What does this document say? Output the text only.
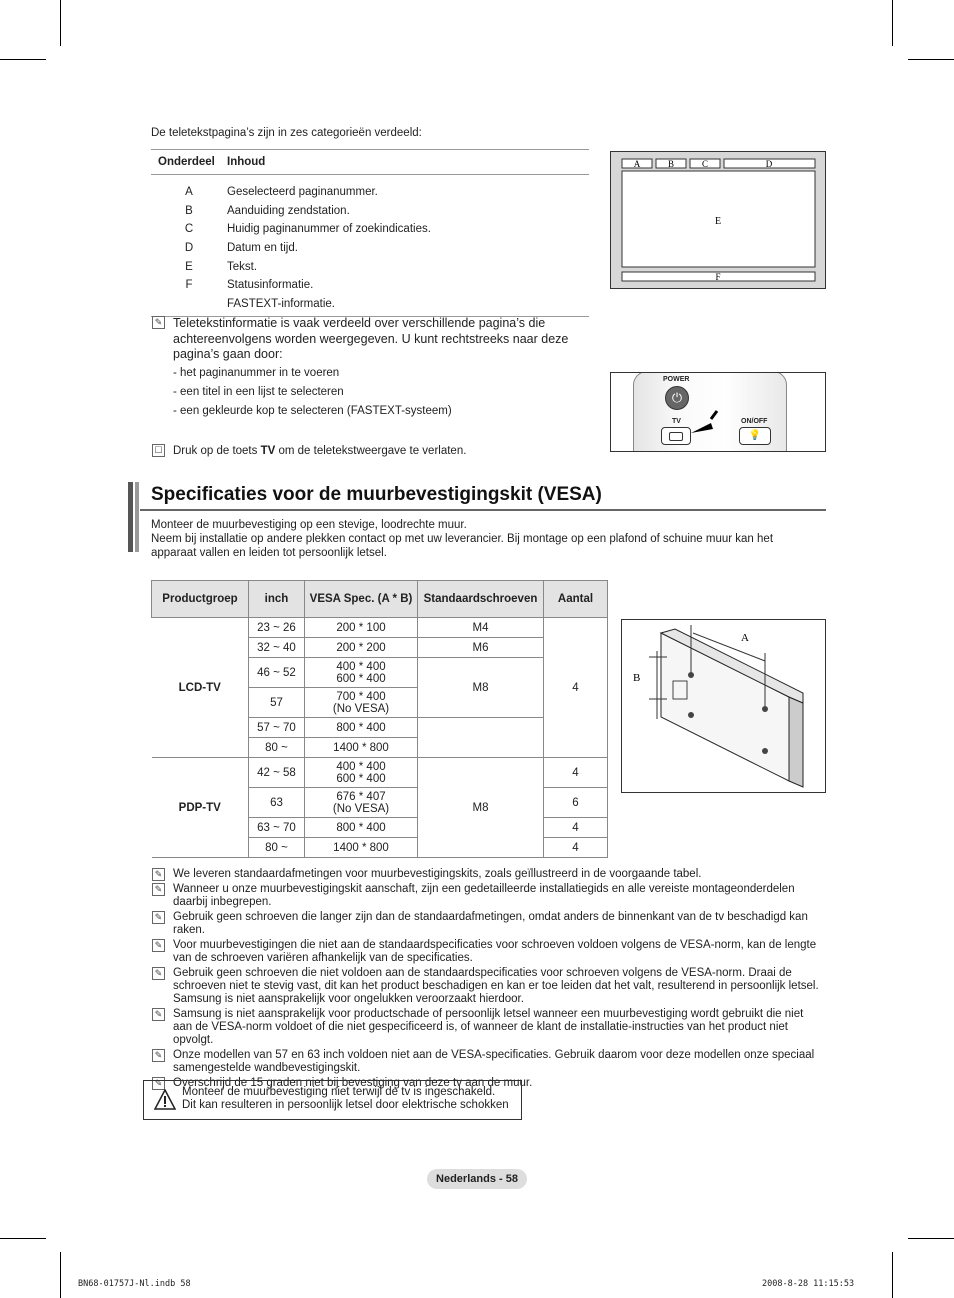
De teletekstpagina’s zijn in zes categorieën verdeeld:
Onderdeel	Inhoud
A	Geselecteerd paginanummer.
B	Aanduiding zendstation.
C	Huidig paginanummer of zoekindicaties.
D	Datum en tijd.
E	Tekst.
F	Statusinformatie.
FASTEXT-informatie.
A	B	C	D
E
F
✎ Teletekstinformatie is vaak verdeeld over verschillende pagina’s die achtereenvolgens worden weergegeven. U kunt rechtstreeks naar deze pagina’s gaan door:
- het paginanummer in te voeren
- een titel in een lijst te selecteren
- een gekleurde kop te selecteren (FASTEXT-systeem)
POWER
⏻
TV	ON/OFF
💡
☐ Druk op de toets TV om de teletekstweergave te verlaten.
Specificaties voor de muurbevestigingskit (VESA)
Monteer de muurbevestiging op een stevige, loodrechte muur.
Neem bij installatie op andere plekken contact op met uw leverancier. Bij montage op een plafond of schuine muur kan het apparaat vallen en leiden tot persoonlijk letsel.
Productgroep	inch	VESA Spec. (A * B)	Standaardschroeven	Aantal
LCD-TV	23 ~ 26	200 * 100	M4	4
	32 ~ 40	200 * 200	M6	
	46 ~ 52	400 * 400
600 * 400	M8	
	57	700 * 400
(No VESA)		
	57 ~ 70	800 * 400		
	80 ~	1400 * 800		
PDP-TV	42 ~ 58	400 * 400
600 * 400	M8	4
	63	676 * 407
(No VESA)		6
	63 ~ 70	800 * 400		4
	80 ~	1400 * 800		4
A
B
✎ We leveren standaardafmetingen voor muurbevestigingskits, zoals geïllustreerd in de voorgaande tabel.
✎ Wanneer u onze muurbevestigingskit aanschaft, zijn een gedetailleerde installatiegids en alle vereiste montageonderdelen daarbij inbegrepen.
✎ Gebruik geen schroeven die langer zijn dan de standaardafmetingen, omdat anders de binnenkant van de tv beschadigd kan raken.
✎ Voor muurbevestigingen die niet aan de standaardspecificaties voor schroeven voldoen volgens de VESA-norm, kan de lengte van de schroeven variëren afhankelijk van de specificaties.
✎ Gebruik geen schroeven die niet voldoen aan de standaardspecificaties voor schroeven volgens de VESA-norm. Draai de schroeven niet te stevig vast, dit kan het product beschadigen en kan er toe leiden dat het valt, resulterend in persoonlijk letsel. Samsung is niet aansprakelijk voor ongelukken veroorzaakt hierdoor.
✎ Samsung is niet aansprakelijk voor productschade of persoonlijk letsel wanneer een muurbevestiging wordt gebruikt die niet aan de VESA-norm voldoet of die niet gespecificeerd is, of wanneer de klant de installatie-instructies van het product niet opvolgt.
✎ Onze modellen van 57 en 63 inch voldoen niet aan de VESA-specificaties. Gebruik daarom voor deze modellen onze speciaal samengestelde wandbevestigingskit.
✎ Overschrijd de 15 graden niet bij bevestiging van deze tv aan de muur.
Monteer de muurbevestiging niet terwijl de tv is ingeschakeld.
Dit kan resulteren in persoonlijk letsel door elektrische schokken
Nederlands - 58
BN68-01757J-Nl.indb 58	2008-8-28 11:15:53
